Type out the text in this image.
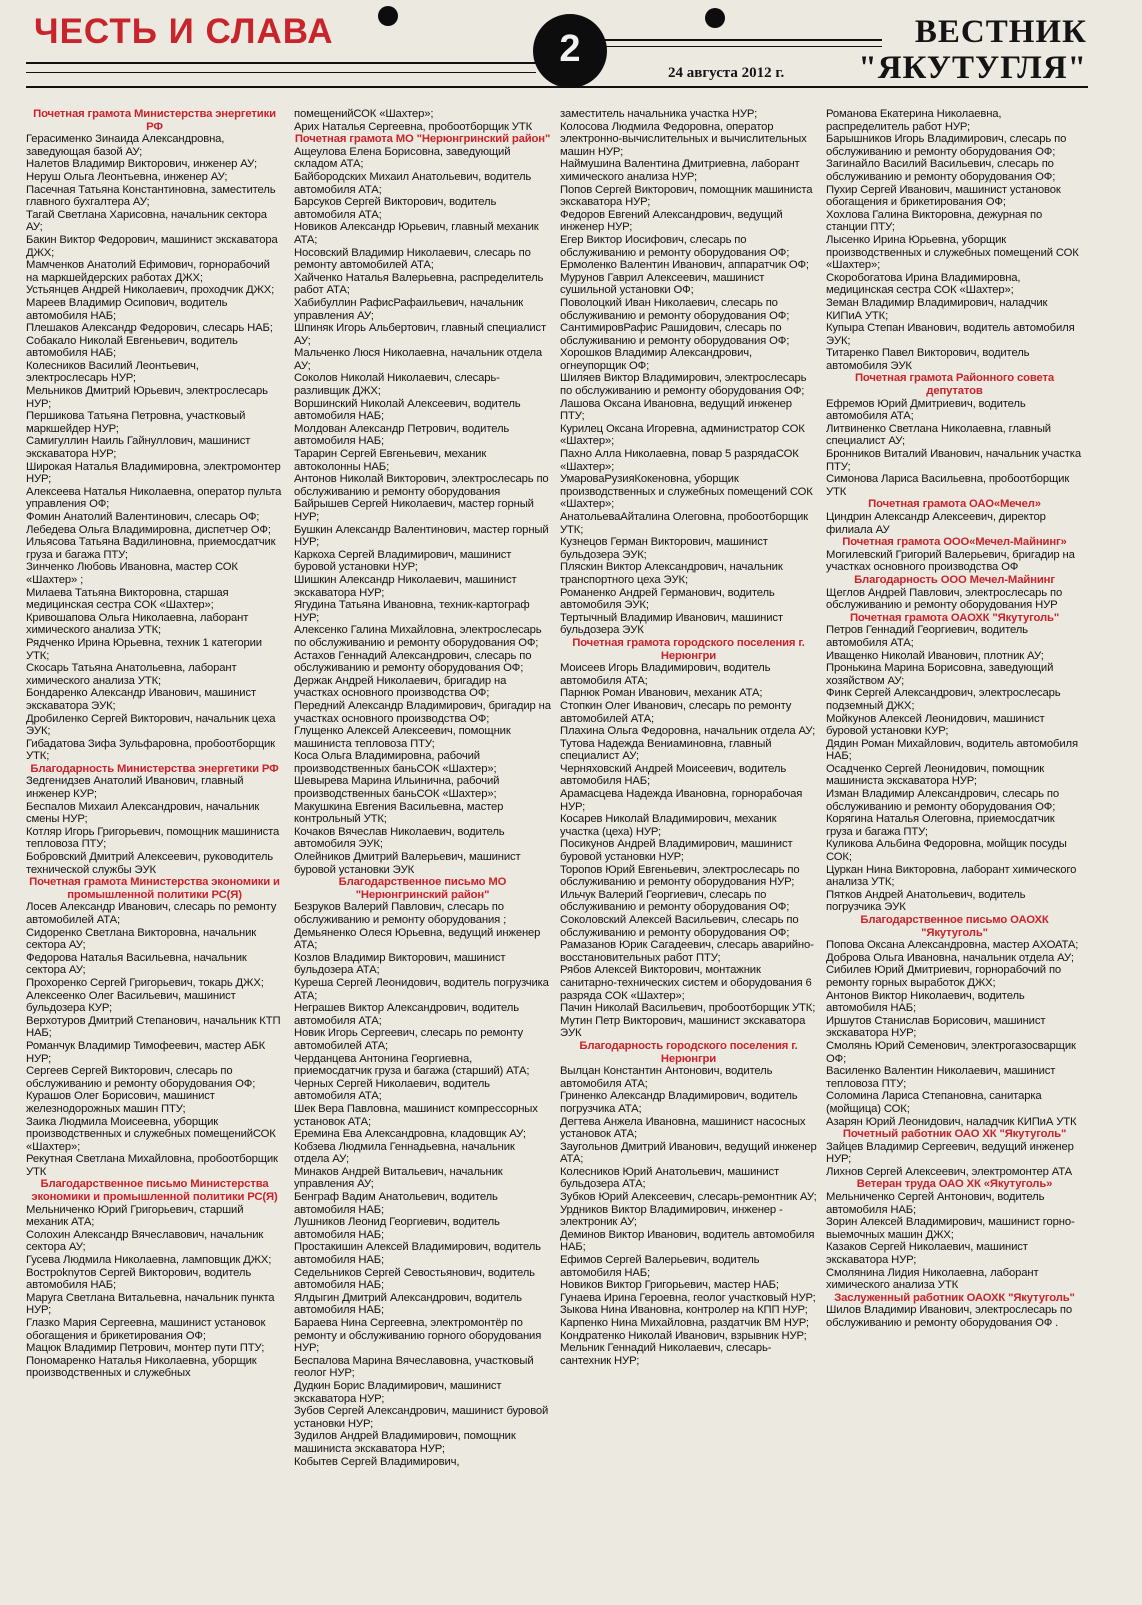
ЧЕСТЬ И СЛАВА	2	ВЕСТНИК
"ЯКУТУГЛЯ"
24 августа 2012 г.
Почетная грамота Министерства энергетики РФ
Герасименко Зинаида Александровна, заведующая базой АУ;
Налетов Владимир Викторович, инженер АУ;
Неруш Ольга Леонтьевна, инженер АУ;
Пасечная Татьяна Константиновна, заместитель главного бухгалтера АУ;
Тагай Светлана Харисовна, начальник сектора АУ;
Бакин Виктор Федорович, машинист экскаватора ДЖХ;
Мамченков Анатолий Ефимович, горнорабочий на маркшейдерских работах ДЖХ;
Устьянцев Андрей Николаевич, проходчик ДЖХ;
Мареев Владимир Осипович, водитель автомобиля НАБ;
Плешаков Александр Федорович, слесарь НАБ;
Собакало Николай Евгеньевич, водитель автомобиля НАБ;
Колесников Василий Леонтьевич, электрослесарь НУР;
Мельников Дмитрий Юрьевич, электрослесарь НУР;
Першикова Татьяна Петровна, участковый маркшейдер НУР;
Самигуллин Наиль Гайнуллович, машинист экскаватора НУР;
Широкая Наталья Владимировна, электромонтер НУР;
Алексеева Наталья Николаевна, оператор пульта управления ОФ;
Фомин Анатолий Валентинович, слесарь ОФ;
Лебедева Ольга Владимировна, диспетчер ОФ;
Ильясова Татьяна Вадилиновна, приемосдатчик груза и багажа ПТУ;
Зинченко Любовь Ивановна, мастер СОК «Шахтер» ;
Милаева Татьяна Викторовна, старшая медицинская сестра СОК «Шахтер»;
Кривошапова Ольга Николаевна, лаборант химического анализа УТК;
Рядченко Ирина Юрьевна, техник 1 категории УТК;
Скосарь Татьяна Анатольевна, лаборант химического анализа УТК;
Бондаренко Александр Иванович, машинист экскаватора ЭУК;
Дробиленко Сергей Викторович, начальник цеха ЭУК;
Гибадатова Зифа Зульфаровна, пробоотборщик УТК;
Благодарность Министерства энергетики РФ
Зедгенидзев Анатолий Иванович, главный инженер КУР;
Беспалов Михаил Александрович, начальник смены НУР;
Котляр Игорь Григорьевич, помощник машиниста тепловоза ПТУ;
Бобровский Дмитрий Алексеевич, руководитель технической службы ЭУК
Почетная грамота Министерства экономики и промышленной политики РС(Я)
Лосев Александр Иванович, слесарь по ремонту автомобилей АТА;
Сидоренко Светлана Викторовна, начальник сектора АУ;
Федорова Наталья Васильевна, начальник сектора АУ;
Прохоренко Сергей Григорьевич, токарь ДЖХ;
Алексеенко Олег Васильевич, машинист бульдозера КУР;
Верхотуров Дмитрий Степанович, начальник КТП НАБ;
Романчук Владимир Тимофеевич, мастер АБК НУР;
Сергеев Сергей Викторович, слесарь по обслуживанию и ремонту оборудования ОФ;
Курашов Олег Борисович, машинист железнодорожных машин ПТУ;
Заика Людмила Моисеевна, уборщик производственных и служебных помещенийСОК «Шахтер»;
Рекутная Светлана Михайловна, пробоотборщик УТК
Благодарственное письмо Министерства экономики и промышленной политики РС(Я)
Мельниченко Юрий Григорьевич, старший механик АТА;
Солохин Александр Вячеславович, начальник сектора АУ;
Гусева Людмила Николаевна, ламповщик ДЖХ;
Востроknутов Сергей Викторович, водитель автомобиля НАБ;
Маруга Светлана Витальевна, начальник пункта НУР;
Глазко Мария Сергеевна, машинист установок обогащения и брикетирования ОФ;
Мацюк Владимир Петрович, монтер пути ПТУ;
Пономаренко Наталья Николаевна, уборщик производственных и служебных
помещенийСОК «Шахтер»;
Арих Наталья Сергеевна, пробоотборщик УТК
Почетная грамота МО "Нерюнгринский район"
Ащеулова Елена Борисовна, заведующий складом АТА;
Байбородских Михаил Анатольевич, водитель автомобиля АТА;
Барсуков Сергей Викторович, водитель автомобиля АТА;
Новиков Александр Юрьевич, главный механик АТА;
Носовский Владимир Николаевич, слесарь по ремонту автомобилей АТА;
Хайченко Наталья Валерьевна, распределитель работ АТА;
Хабибуллин РафисРафаильевич, начальник управления АУ;
Шпиняк Игорь Альбертович, главный специалист АУ;
Мальченко Люся Николаевна, начальник отдела АУ;
Соколов Николай Николаевич, слесарь-разливщик ДЖХ;
Воршинский Николай Алексеевич, водитель автомобиля НАБ;
Молдован Александр Петрович, водитель автомобиля НАБ;
Тарарин Сергей Евгеньевич, механик автоколонны НАБ;
Антонов Николай Викторович, электрослесарь по обслуживанию и ремонту оборудования
Байрышев Сергей Николаевич, мастер горный НУР;
Бушкин Александр Валентинович, мастер горный НУР;
Каркоха Сергей Владимирович, машинист буровой установки НУР;
Шишкин Александр Николаевич, машинист экскаватора НУР;
Ягудина Татьяна Ивановна, техник-картограф НУР;
Алексенко Галина Михайловна, электрослесарь по обслуживанию и ремонту оборудования ОФ;
Астахов Геннадий Александрович, слесарь по обслуживанию и ремонту оборудования ОФ;
Держак Андрей Николаевич, бригадир на участках основного производства ОФ;
Передний Александр Владимирович, бригадир на участках основного производства ОФ;
Глущенко Алексей Алексеевич, помощник машиниста тепловоза ПТУ;
Коса Ольга Владимировна, рабочий производственных баньСОК «Шахтер»;
Шевырева Марина Ильинична, рабочий производственных баньСОК «Шахтер»;
Макушкина Евгения Васильевна, мастер контрольный УТК;
Кочаков Вячеслав Николаевич, водитель автомобиля ЭУК;
Олейников Дмитрий Валерьевич, машинист буровой установки ЭУК
Благодарственное письмо МО "Нерюнгринский район"
Безруков Валерий Павлович, слесарь по обслуживанию и ремонту оборудования ;
Демьяненко Олеся Юрьевна, ведущий инженер АТА;
Козлов Владимир Викторович, машинист бульдозера АТА;
Куреша Сергей Леонидович, водитель погрузчика АТА;
Неграшев Виктор Александрович, водитель автомобиля АТА;
Новик Игорь Сергеевич, слесарь по ремонту автомобилей АТА;
Черданцева Антонина Георгиевна, приемосдатчик груза и багажа (старший) АТА;
Черных Сергей Николаевич, водитель автомобиля АТА;
Шек Вера Павловна, машинист компрессорных установок АТА;
Еремина Ева Александровна, кладовщик АУ;
Кобзева Людмила Геннадьевна, начальник отдела АУ;
Минаков Андрей Витальевич, начальник управления АУ;
Бенграф Вадим Анатольевич, водитель автомобиля НАБ;
Лушников Леонид Георгиевич, водитель автомобиля НАБ;
Простакишин Алексей Владимирович, водитель автомобиля НАБ;
Седельников Сергей Севостьянович, водитель автомобиля НАБ;
Ялдыгин Дмитрий Александрович, водитель автомобиля НАБ;
Бараева Нина Сергеевна, электромонтёр по ремонту и обслуживанию горного оборудования НУР;
Беспалова Марина Вячеславовна, участковый геолог НУР;
Дудкин Борис Владимирович, машинист экскаватора НУР;
Зубов Сергей Александрович, машинист буровой установки НУР;
Зудилов Андрей Владимирович, помощник машиниста экскаватора НУР;
Кобытев Сергей Владимирович,
заместитель начальника участка НУР;
Колосова Людмила Федоровна, оператор электронно-вычислительных и вычислительных машин НУР;
Наймушина Валентина Дмитриевна, лаборант химического анализа НУР;
Попов Сергей Викторович, помощник машиниста экскаватора НУР;
Федоров Евгений Александрович, ведущий инженер НУР;
Егер Виктор Иосифович, слесарь по обслуживанию и ремонту оборудования ОФ;
Ермоленко Валентин Иванович, аппаратчик ОФ;
Мурунов Гаврил Алексеевич, машинист сушильной установки ОФ;
Поволоцкий Иван Николаевич, слесарь по обслуживанию и ремонту оборудования ОФ;
СантимировРафис Рашидович, слесарь по обслуживанию и ремонту оборудования ОФ;
Хорошков Владимир Александрович, огнеупорщик ОФ;
Шиляев Виктор Владимирович, электрослесарь по обслуживанию и ремонту оборудования ОФ;
Лашова Оксана Ивановна, ведущий инженер ПТУ;
Курилец Оксана Игоревна, администратор СОК «Шахтер»;
Пахно Алла Николаевна, повар 5 разрядаСОК «Шахтер»;
УмароваРузияКокеновна, уборщик производственных и служебных помещений СОК «Шахтер»;
АнатольеваАйталина Олеговна, пробоотборщик УТК;
Кузнецов Герман Викторович, машинист бульдозера ЭУК;
Пляскин Виктор Александрович, начальник транспортного цеха ЭУК;
Романенко Андрей Германович, водитель автомобиля ЭУК;
Тертычный Владимир Иванович, машинист бульдозера ЭУК
Почетная грамота городского поселения г. Нерюнгри
Моисеев Игорь Владимирович, водитель автомобиля АТА;
Парнюк Роман Иванович, механик АТА;
Стопкин Олег Иванович, слесарь по ремонту автомобилей АТА;
Плахина Ольга Федоровна, начальник отдела АУ;
Тутова Надежда Вениаминовна, главный специалист АУ;
Черняховский Андрей Моисеевич, водитель автомобиля НАБ;
Арамасцева Надежда Ивановна, горнорабочая НУР;
Косарев Николай Владимирович, механик участка (цеха) НУР;
Посикунов Андрей Владимирович, машинист буровой установки НУР;
Торопов Юрий Евгеньевич, электрослесарь по обслуживанию и ремонту оборудования НУР;
Ильчук Валерий Георгиевич, слесарь по обслуживанию и ремонту оборудования ОФ;
Соколовский Алексей Васильевич, слесарь по обслуживанию и ремонту оборудования ОФ;
Рамазанов Юрик Сагадеевич, слесарь аварийно-восстановительных работ ПТУ;
Рябов Алексей Викторович, монтажник санитарно-технических систем и оборудования 6 разряда СОК «Шахтер»;
Пачин Николай Васильевич, пробоотборщик УТК;
Мутин Петр Викторович, машинист экскаватора ЭУК
Благодарность городского поселения г. Нерюнгри
Вылцан Константин Антонович, водитель автомобиля АТА;
Гриненко Александр Владимирович, водитель погрузчика АТА;
Дегтева Анжела Ивановна, машинист насосных установок АТА;
Заугольнов Дмитрий Иванович, ведущий инженер АТА;
Колесников Юрий Анатольевич, машинист бульдозера АТА;
Зубков Юрий Алексеевич, слесарь-ремонтник АУ;
Урдников Виктор Владимирович, инженер - электроник АУ;
Деминов Виктор Иванович, водитель автомобиля НАБ;
Ефимов Сергей Валерьевич, водитель автомобиля НАБ;
Новиков Виктор Григорьевич, мастер НАБ;
Гунаева Ирина Героевна, геолог участковый НУР;
Зыкова Нина Ивановна, контролер на КПП НУР;
Карпенко Нина Михайловна, раздатчик ВМ НУР;
Кондратенко Николай Иванович, взрывник НУР;
Мельник Геннадий Николаевич, слесарь-сантехник НУР;
Романова Екатерина Николаевна, распределитель работ НУР;
Барышников Игорь Владимирович, слесарь по обслуживанию и ремонту оборудования ОФ;
Загинайло Василий Васильевич, слесарь по обслуживанию и ремонту оборудования ОФ;
Пухир Сергей Иванович, машинист установок обогащения и брикетирования ОФ;
Хохлова Галина Викторовна, дежурная по станции ПТУ;
Лысенко Ирина Юрьевна, уборщик производственных и служебных помещений СОК «Шахтер»;
Скоробогатова Ирина Владимировна, медицинская сестра СОК «Шахтер»;
Земан Владимир Владимирович, наладчик КИПиА УТК;
Купыра Степан Иванович, водитель автомобиля ЭУК;
Титаренко Павел Викторович, водитель автомобиля ЭУК
Почетная грамота Районного совета депутатов
Ефремов Юрий Дмитриевич, водитель автомобиля АТА;
Литвиненко Светлана Николаевна, главный специалист АУ;
Бронников Виталий Иванович, начальник участка ПТУ;
Симонова Лариса Васильевна, пробоотборщик УТК
Почетная грамота ОАО«Мечел»
Циндрин Александр Алексеевич, директор филиала АУ
Почетная грамота ООО«Мечел-Майнинг»
Могилевский Григорий Валерьевич, бригадир на участках основного производства ОФ
Благодарность ООО Мечел-Майнинг
Щеглов Андрей Павлович, электрослесарь по обслуживанию и ремонту оборудования НУР
Почетная грамота ОАОХК "Якутуголь"
Петров Геннадий Георгиевич, водитель автомобиля АТА;
Иващенко Николай Иванович, плотник АУ;
Пронькина Марина Борисовна, заведующий хозяйством АУ;
Финк Сергей Александрович, электрослесарь подземный ДЖХ;
Мойкунов Алексей Леонидович, машинист буровой установки КУР;
Дядин Роман Михайлович, водитель автомобиля НАБ;
Осадченко Сергей Леонидович, помощник машиниста экскаватора НУР;
Изман Владимир Александрович, слесарь по обслуживанию и ремонту оборудования ОФ;
Корягина Наталья Олеговна, приемосдатчик груза и багажа ПТУ;
Куликова Альбина Федоровна, мойщик посуды СОК;
Цуркан Нина Викторовна, лаборант химического анализа УТК;
Пятков Андрей Анатольевич, водитель погрузчика ЭУК
Благодарственное письмо ОАОХК "Якутуголь"
Попова Оксана Александровна, мастер АХОАТА;
Доброва Ольга Ивановна, начальник отдела АУ;
Сибилев Юрий Дмитриевич, горнорабочий по ремонту горных выработок ДЖХ;
Антонов Виктор Николаевич, водитель автомобиля НАБ;
Иршутов Станислав Борисович, машинист экскаватора НУР;
Смолянь Юрий Семенович, электрогазосварщик ОФ;
Василенко Валентин Николаевич, машинист тепловоза ПТУ;
Соломина Лариса Степановна, санитарка (мойщица) СОК;
Азарян Юрий Леонидович, наладчик КИПиА УТК
Почетный работник ОАО ХК "Якутуголь"
Зайцев Владимир Сергеевич, ведущий инженер НУР;
Лихнов Сергей Алексеевич, электромонтер АТА
Ветеран труда ОАО ХК «Якутуголь»
Мельниченко Сергей Антонович, водитель автомобиля НАБ;
Зорин Алексей Владимирович, машинист горно-выемочных машин ДЖХ;
Казаков Сергей Николаевич, машинист экскаватора НУР;
Смолянина Лидия Николаевна, лаборант химического анализа УТК
Заслуженный работник ОАОХК "Якутуголь"
Шилов Владимир Иванович, электрослесарь по обслуживанию и ремонту оборудования ОФ .
